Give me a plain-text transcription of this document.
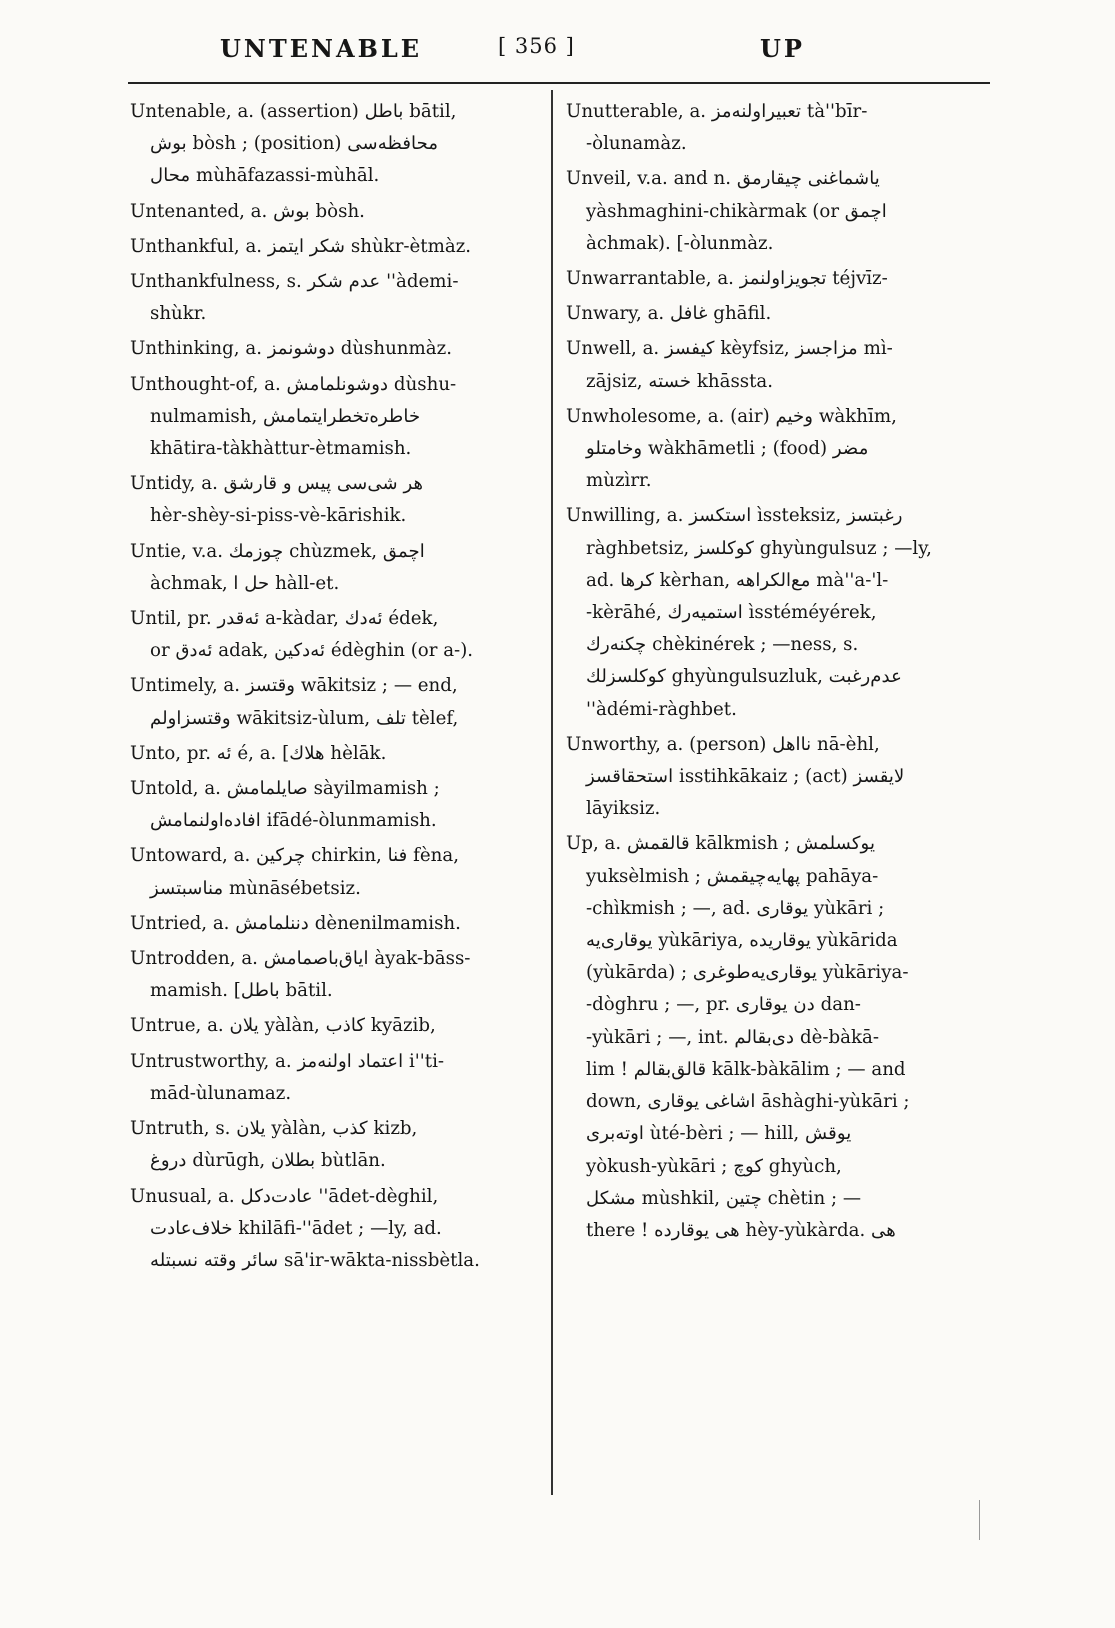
UNTENABLE	[ 356 ]	UP
Untenable, a. (assertion) باطل bātil,
بوش bòsh ; (position) محافظه‌سی
محال mùhāfazassi-mùhāl.
Untenanted, a. بوش bòsh.
Unthankful, a. شكر ايتمز shùkr-ètmàz.
Unthankfulness, s. عدم شكر ''àdemi-
shùkr.
Unthinking, a. دوشونمز dùshunmàz.
Unthought-of, a. دوشونلمامش dùshu-
nulmamish, خاطره‌تخطرايتمامش
khātira-tàkhàttur-ètmamish.
Untidy, a. هر شی‌سی پیس و قارشق
hèr-shèy-si-piss-vè-kārishik.
Untie, v.a. چوزمك chùzmek, اچمق
àchmak, حل ا hàll-et.
Until, pr. ئه‌قدر a-kàdar, ئه‌دك édek,
or ئه‌دق adak, ئه‌دكين édèghin (or a-).
Untimely, a. وقتسز wākitsiz ; — end,
وقتسزاولم wākitsiz-ùlum, تلف tèlef,
Unto, pr. ئه é, a. [هلاك hèlāk.
Untold, a. صايلمامش sàyilmamish ;
افاده‌اولنمامش ifādé-òlunmamish.
Untoward, a. چركين chirkin, فنا fèna,
مناسبتسز mùnāsébetsiz.
Untried, a. دننلمامش dènenilmamish.
Untrodden, a. اياق‌باصمامش àyak-bāss-
mamish. [باطل bātil.
Untrue, a. يلان yàlàn, كاذب kyāzib,
Untrustworthy, a. اعتماد اولنه‌مز i''ti-
mād-ùlunamaz.
Untruth, s. يلان yàlàn, كذب kizb,
دروغ dùrūgh, بطلان bùtlān.
Unusual, a. عادت‌دكل ''ādet-dèghil,
خلاف‌عادت khilāfi-''ādet ; —ly, ad.
سائر وقته نسبتله sā'ir-wākta-nissbètla.
Unutterable, a. تعبيراولنه‌مز tà''bīr-
-òlunamàz.
Unveil, v.a. and n. ياشماغنی چيقارمق
yàshmaghini-chikàrmak (or اچمق
àchmak). [-òlunmàz.
Unwarrantable, a. تجويزاولنمز téjvīz-
Unwary, a. غافل ghāfil.
Unwell, a. كيفسز kèyfsiz, مزاجسز mì-
zājsiz, خسته khāssta.
Unwholesome, a. (air) وخيم wàkhīm,
وخامتلو wàkhāmetli ; (food) مضر
mùzìrr.
Unwilling, a. استكسز ìssteksiz, رغبتسز
ràghbetsiz, كوكلسز ghyùngulsuz ; —ly,
ad. كرها kèrhan, مع‌الكراهه mà''a-'l-
-kèrāhé, استميه‌رك ìsstéméyérek,
چكنه‌رك chèkinérek ; —ness, s.
كوكلسزلك ghyùngulsuzluk, عدم‌رغبت
''àdémi-ràghbet.
Unworthy, a. (person) نااهل nā-èhl,
استحقاقسز isstihkākaiz ; (act) لايقسز
lāyiksiz.
Up, a. قالقمش kālkmish ; يوكسلمش
yuksèlmish ; پهايه‌چيقمش pahāya-
-chìkmish ; —, ad. يوقاری yùkāri ;
يوقاری‌يه yùkāriya, يوقاريده yùkārida
(yùkārda) ; يوقاری‌يه‌طوغری yùkāriya-
-dòghru ; —, pr. دن يوقاری dan-
-yùkāri ; —, int. دی‌بقالم dè-bàkā-
lim ! قالق‌بقالم kālk-bàkālim ; — and
down, اشاغی يوقاری āshàghi-yùkāri ;
اوته‌بری ùté-bèri ; — hill, يوقش
yòkush-yùkāri ; كوچ ghyùch,
مشكل mùshkil, چتين chètin ; —
there ! هی يوقارده hèy-yùkàrda. هی
